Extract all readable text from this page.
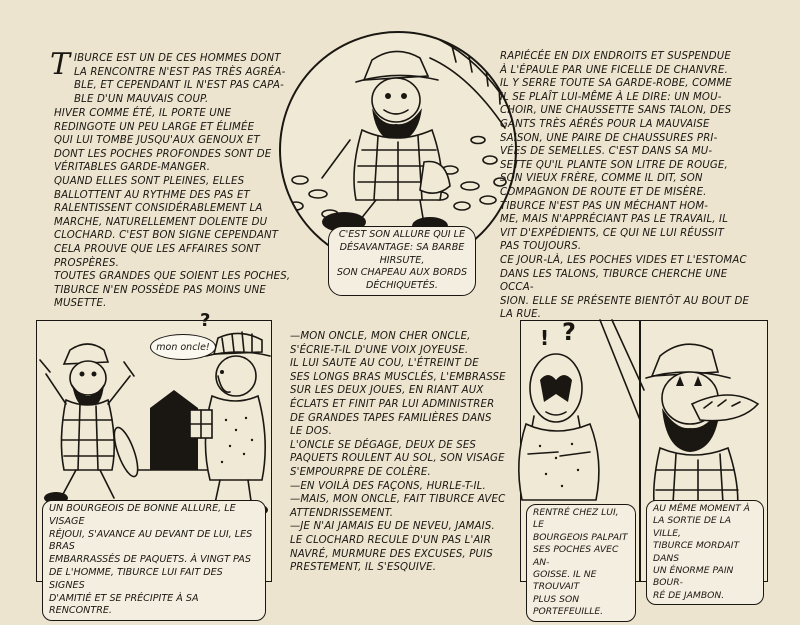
T IBURCE EST UN DE CES HOMMES DONT
LA RENCONTRE N'EST PAS TRÈS AGRÉA-
BLE, ET CEPENDANT IL N'EST PAS CAPA-
BLE D'UN MAUVAIS COUP.
HIVER COMME ÉTÉ, IL PORTE UNE
REDINGOTE UN PEU LARGE ET ÉLIMÉE
QUI LUI TOMBE JUSQU'AUX GENOUX ET
DONT LES POCHES PROFONDES SONT DE
VÉRITABLES GARDE-MANGER.
QUAND ELLES SONT PLEINES, ELLES
BALLOTTENT AU RYTHME DES PAS ET
RALENTISSENT CONSIDÉRABLEMENT LA
MARCHE, NATURELLEMENT DOLENTE DU
CLOCHARD. C'EST BON SIGNE CEPENDANT
CELA PROUVE QUE LES AFFAIRES SONT
PROSPÈRES.
TOUTES GRANDES QUE SOIENT LES POCHES,
TIBURCE N'EN POSSÈDE PAS MOINS UNE MUSETTE.
C'EST SON ALLURE QUI LE
DÉSAVANTAGE: SA BARBE HIRSUTE,
SON CHAPEAU AUX BORDS
DÉCHIQUETÉS.
RAPIÉCÉE EN DIX ENDROITS ET SUSPENDUE
À L'ÉPAULE PAR UNE FICELLE DE CHANVRE.
IL Y SERRE TOUTE SA GARDE-ROBE, COMME
IL SE PLAÎT LUI-MÊME À LE DIRE: UN MOU-
CHOIR, UNE CHAUSSETTE SANS TALON, DES
GANTS TRÈS AÉRÉS POUR LA MAUVAISE
SAISON, UNE PAIRE DE CHAUSSURES PRI-
VÉES DE SEMELLES. C'EST DANS SA MU-
SETTE QU'IL PLANTE SON LITRE DE ROUGE,
SON VIEUX FRÈRE, COMME IL DIT, SON
COMPAGNON DE ROUTE ET DE MISÈRE.
TIBURCE N'EST PAS UN MÉCHANT HOM-
ME, MAIS N'APPRÉCIANT PAS LE TRAVAIL, IL
VIT D'EXPÉDIENTS, CE QUI NE LUI RÉUSSIT
PAS TOUJOURS.
CE JOUR-LÀ, LES POCHES VIDES ET L'ESTOMAC
DANS LES TALONS, TIBURCE CHERCHE UNE OCCA-
SION. ELLE SE PRÉSENTE BIENTÔT AU BOUT DE LA RUE.
mon oncle!
?
UN BOURGEOIS DE BONNE ALLURE, LE VISAGE
RÉJOUI, S'AVANCE AU DEVANT DE LUI, LES BRAS
EMBARRASSÉS DE PAQUETS. À VINGT PAS
DE L'HOMME, TIBURCE LUI FAIT DES SIGNES
D'AMITIÉ ET SE PRÉCIPITE À SA RENCONTRE.
—MON ONCLE, MON CHER ONCLE,
S'ÉCRIE-T-IL D'UNE VOIX JOYEUSE.
IL LUI SAUTE AU COU, L'ÉTREINT DE
SES LONGS BRAS MUSCLÉS, L'EMBRASSE
SUR LES DEUX JOUES, EN RIANT AUX
ÉCLATS ET FINIT PAR LUI ADMINISTRER
DE GRANDES TAPES FAMILIÈRES DANS
LE DOS.
L'ONCLE SE DÉGAGE, DEUX DE SES
PAQUETS ROULENT AU SOL, SON VISAGE
S'EMPOURPRE DE COLÈRE.
—EN VOILÀ DES FAÇONS, HURLE-T-IL.
—MAIS, MON ONCLE, FAIT TIBURCE AVEC
ATTENDRISSEMENT.
—JE N'AI JAMAIS EU DE NEVEU, JAMAIS.
LE CLOCHARD RECULE D'UN PAS L'AIR
NAVRÉ, MURMURE DES EXCUSES, PUIS
PRESTEMENT, IL S'ESQUIVE.
! ?
RENTRÉ CHEZ LUI, LE
BOURGEOIS PALPAIT
SES POCHES AVEC AN-
GOISSE. IL NE TROUVAIT
PLUS SON PORTEFEUILLE.
AU MÊME MOMENT À
LA SORTIE DE LA VILLE,
TIBURCE MORDAIT DANS
UN ÉNORME PAIN BOUR-
RÉ DE JAMBON.
